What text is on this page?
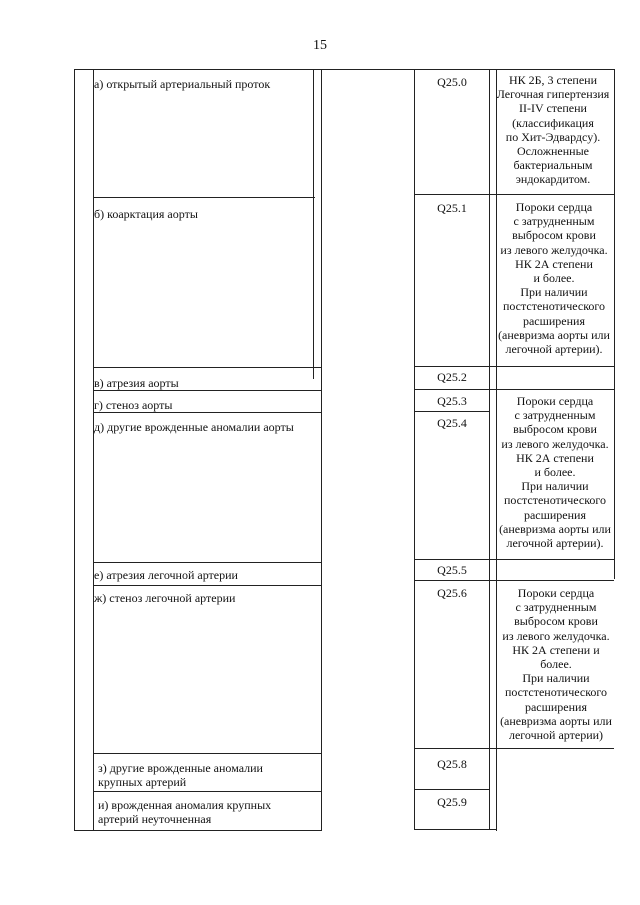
15
а) открытый артериальный проток
б) коарктация аорты
в) атрезия аорты
г) стеноз аорты
д) другие врожденные аномалии аорты
е) атрезия легочной артерии
ж) стеноз легочной артерии
з) другие врожденные аномалии
крупных артерий
и) врожденная аномалия крупных
артерий неуточненная
Q25.0
Q25.1
Q25.2
Q25.3
Q25.4
Q25.5
Q25.6
Q25.8
Q25.9
НК 2Б, 3 степени
Легочная гипертензия
II-IV степени
(классификация
по Хит-Эдвардсу).
Осложненные
бактериальным
эндокардитом.
Пороки сердца
с затрудненным
выбросом крови
из левого желудочка.
НК 2А степени
и более.
При наличии
постстенотического
расширения
(аневризма аорты или
легочной артерии).
Пороки сердца
с затрудненным
выбросом крови
из левого желудочка.
НК 2А степени
и более.
При наличии
постстенотического
расширения
(аневризма аорты или
легочной артерии).
Пороки сердца
с затрудненным
выбросом крови
из левого желудочка.
НК 2А степени и
более.
При наличии
постстенотического
расширения
(аневризма аорты или
легочной артерии)
